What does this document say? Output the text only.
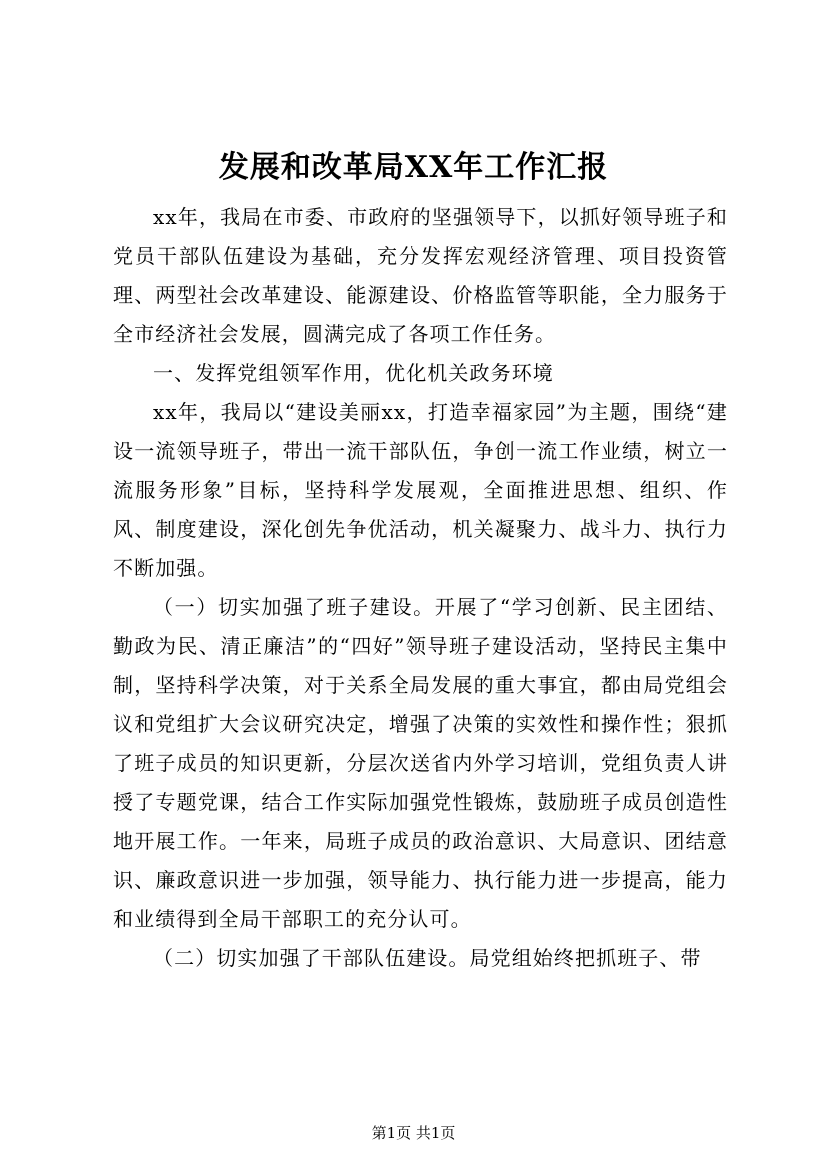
发展和改革局XX年工作汇报

xx年，我局在市委、市政府的坚强领导下，以抓好领导班子和党员干部队伍建设为基础，充分发挥宏观经济管理、项目投资管理、两型社会改革建设、能源建设、价格监管等职能，全力服务于全市经济社会发展，圆满完成了各项工作任务。

一、发挥党组领军作用，优化机关政务环境

xx年，我局以“建设美丽xx，打造幸福家园”为主题，围绕“建设一流领导班子，带出一流干部队伍，争创一流工作业绩，树立一流服务形象”目标，坚持科学发展观，全面推进思想、组织、作风、制度建设，深化创先争优活动，机关凝聚力、战斗力、执行力不断加强。

（一）切实加强了班子建设。开展了“学习创新、民主团结、勤政为民、清正廉洁”的“四好”领导班子建设活动，坚持民主集中制，坚持科学决策，对于关系全局发展的重大事宜，都由局党组会议和党组扩大会议研究决定，增强了决策的实效性和操作性；狠抓了班子成员的知识更新，分层次送省内外学习培训，党组负责人讲授了专题党课，结合工作实际加强党性锻炼，鼓励班子成员创造性地开展工作。一年来，局班子成员的政治意识、大局意识、团结意识、廉政意识进一步加强，领导能力、执行能力进一步提高，能力和业绩得到全局干部职工的充分认可。

（二）切实加强了干部队伍建设。局党组始终把抓班子、带

第1页 共1页
